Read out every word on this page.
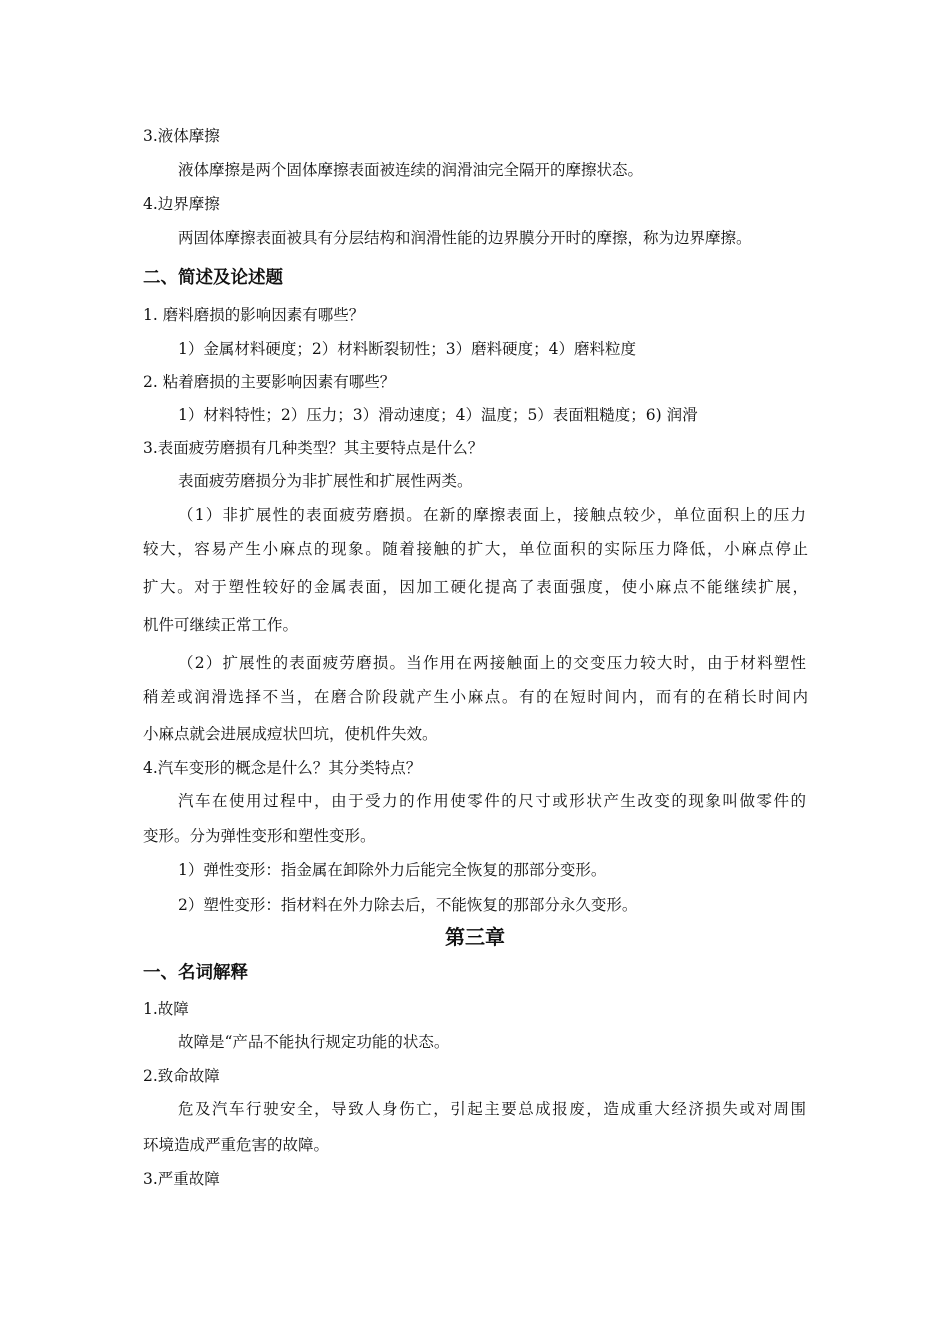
3.液体摩擦
液体摩擦是两个固体摩擦表面被连续的润滑油完全隔开的摩擦状态。
4.边界摩擦
两固体摩擦表面被具有分层结构和润滑性能的边界膜分开时的摩擦，称为边界摩擦。
二、简述及论述题
1. 磨料磨损的影响因素有哪些？
1）金属材料硬度；2）材料断裂韧性；3）磨料硬度；4）磨料粒度
2. 粘着磨损的主要影响因素有哪些？
1）材料特性；2）压力；3）滑动速度；4）温度；5）表面粗糙度；6) 润滑
3.表面疲劳磨损有几种类型？其主要特点是什么？
表面疲劳磨损分为非扩展性和扩展性两类。
（1）非扩展性的表面疲劳磨损。在新的摩擦表面上，接触点较少，单位面积上的压力
较大，容易产生小麻点的现象。随着接触的扩大，单位面积的实际压力降低，小麻点停止
扩大。对于塑性较好的金属表面，因加工硬化提高了表面强度，使小麻点不能继续扩展，
机件可继续正常工作。
（2）扩展性的表面疲劳磨损。当作用在两接触面上的交变压力较大时，由于材料塑性
稍差或润滑选择不当，在磨合阶段就产生小麻点。有的在短时间内，而有的在稍长时间内
小麻点就会进展成痘状凹坑，使机件失效。
4.汽车变形的概念是什么？其分类特点？
汽车在使用过程中，由于受力的作用使零件的尺寸或形状产生改变的现象叫做零件的
变形。分为弹性变形和塑性变形。
1）弹性变形：指金属在卸除外力后能完全恢复的那部分变形。
2）塑性变形：指材料在外力除去后，不能恢复的那部分永久变形。
第三章
一、名词解释
1.故障
故障是“产品不能执行规定功能的状态。
2.致命故障
危及汽车行驶安全，导致人身伤亡，引起主要总成报废，造成重大经济损失或对周围
环境造成严重危害的故障。
3.严重故障
